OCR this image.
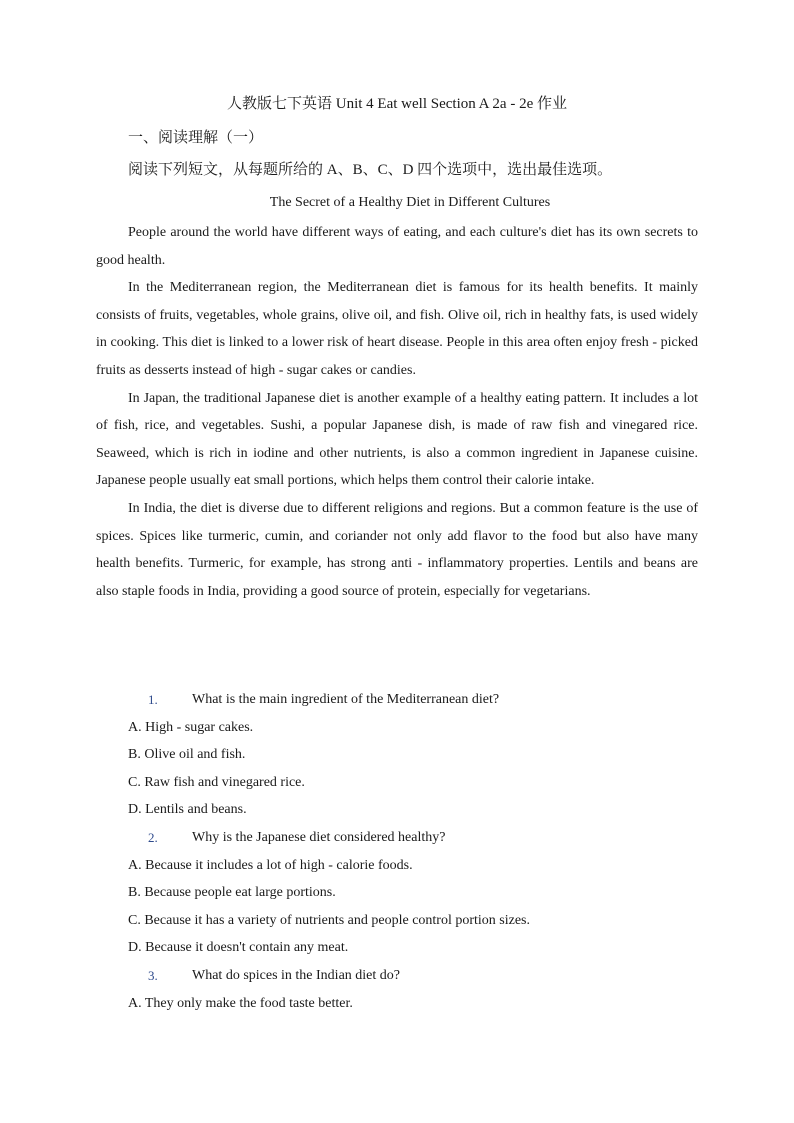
人教版七下英语 Unit 4 Eat well Section A 2a - 2e 作业
一、阅读理解（一）
阅读下列短文，从每题所给的 A、B、C、D 四个选项中，选出最佳选项。
The Secret of a Healthy Diet in Different Cultures

People around the world have different ways of eating, and each culture's diet has its own secrets to good health.

In the Mediterranean region, the Mediterranean diet is famous for its health benefits. It mainly consists of fruits, vegetables, whole grains, olive oil, and fish. Olive oil, rich in healthy fats, is used widely in cooking. This diet is linked to a lower risk of heart disease. People in this area often enjoy fresh - picked fruits as desserts instead of high - sugar cakes or candies.

In Japan, the traditional Japanese diet is another example of a healthy eating pattern. It includes a lot of fish, rice, and vegetables. Sushi, a popular Japanese dish, is made of raw fish and vinegared rice. Seaweed, which is rich in iodine and other nutrients, is also a common ingredient in Japanese cuisine. Japanese people usually eat small portions, which helps them control their calorie intake.

In India, the diet is diverse due to different religions and regions. But a common feature is the use of spices. Spices like turmeric, cumin, and coriander not only add flavor to the food but also have many health benefits. Turmeric, for example, has strong anti - inflammatory properties. Lentils and beans are also staple foods in India, providing a good source of protein, especially for vegetarians.

1.	What is the main ingredient of the Mediterranean diet?
A. High - sugar cakes.
B. Olive oil and fish.
C. Raw fish and vinegared rice.
D. Lentils and beans.
2.	Why is the Japanese diet considered healthy?
A. Because it includes a lot of high - calorie foods.
B. Because people eat large portions.
C. Because it has a variety of nutrients and people control portion sizes.
D. Because it doesn't contain any meat.
3.	What do spices in the Indian diet do?
A. They only make the food taste better.
